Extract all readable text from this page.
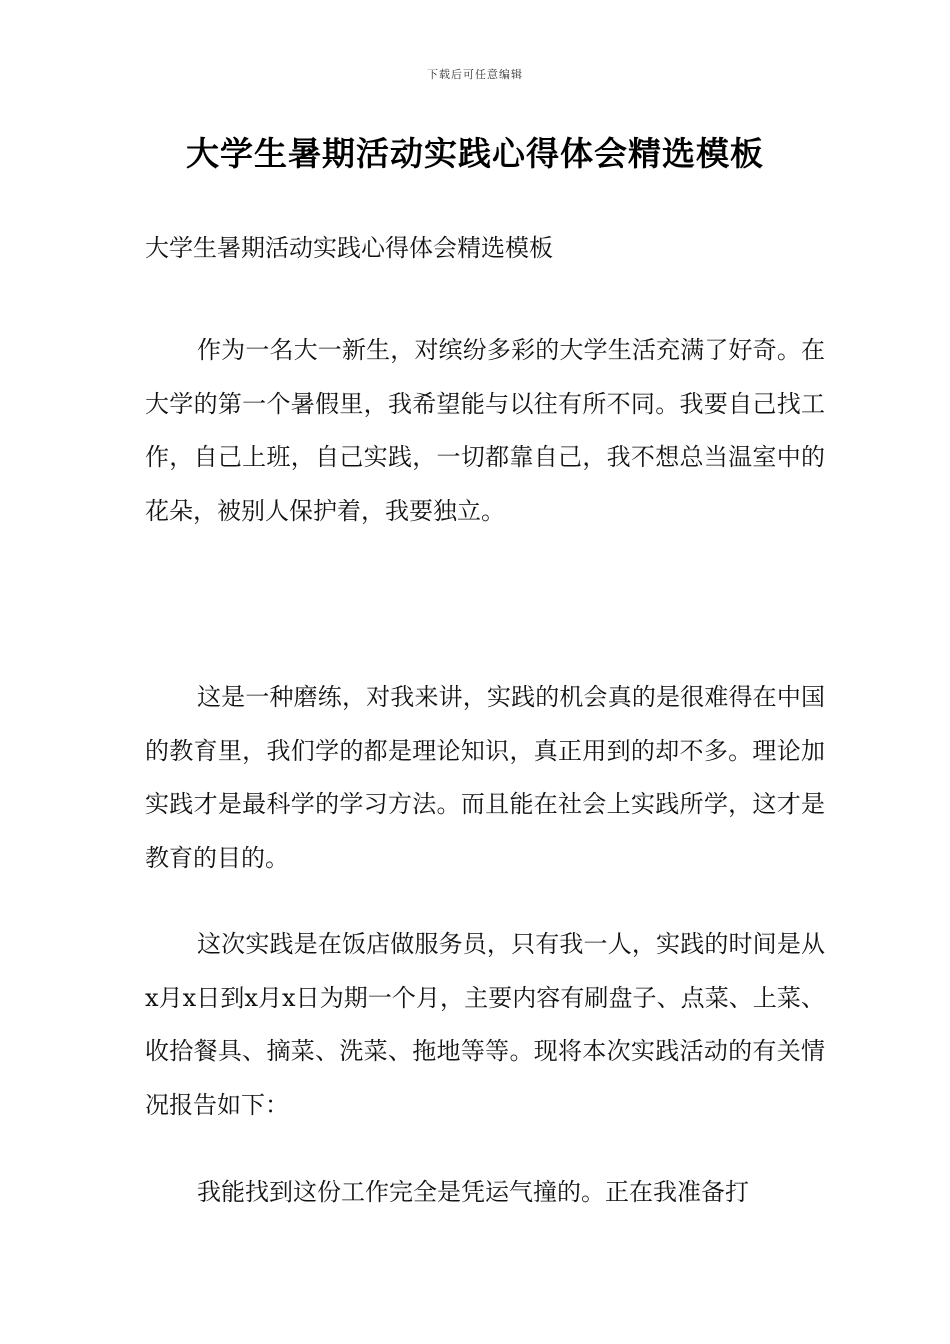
下载后可任意编辑
大学生暑期活动实践心得体会精选模板

大学生暑期活动实践心得体会精选模板

作为一名大一新生，对缤纷多彩的大学生活充满了好奇。在大学的第一个暑假里，我希望能与以往有所不同。我要自己找工作，自己上班，自己实践，一切都靠自己，我不想总当温室中的花朵，被别人保护着，我要独立。

这是一种磨练，对我来讲，实践的机会真的是很难得在中国的教育里，我们学的都是理论知识，真正用到的却不多。理论加实践才是最科学的学习方法。而且能在社会上实践所学，这才是教育的目的。

这次实践是在饭店做服务员，只有我一人，实践的时间是从x月x日到x月x日为期一个月，主要内容有刷盘子、点菜、上菜、收拾餐具、摘菜、洗菜、拖地等等。现将本次实践活动的有关情况报告如下：

我能找到这份工作完全是凭运气撞的。正在我准备打
